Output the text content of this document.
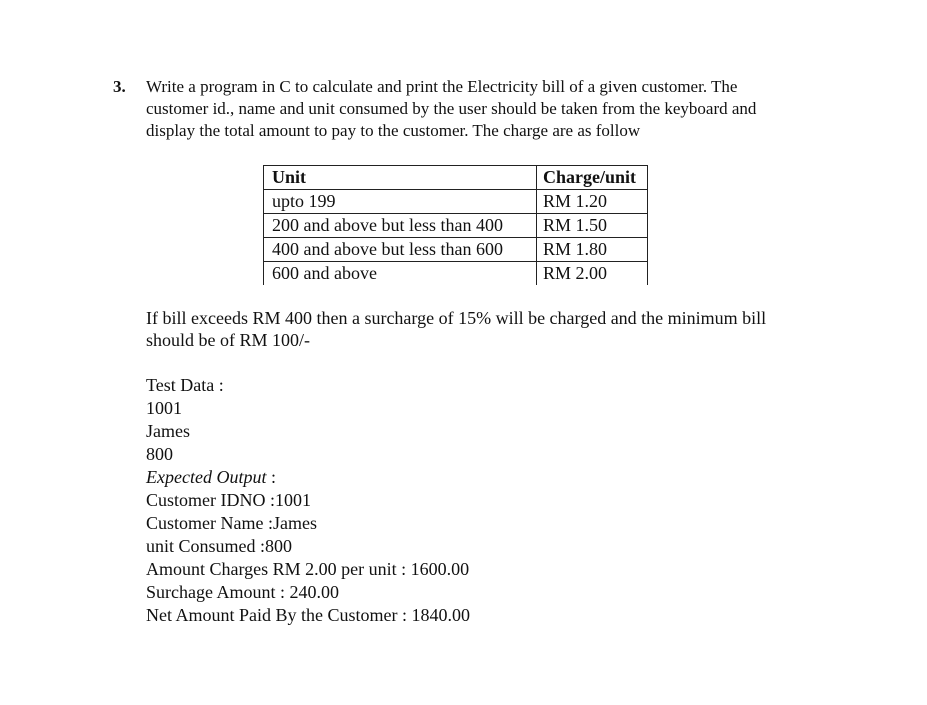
3. Write a program in C to calculate and print the Electricity bill of a given customer. The
customer id., name and unit consumed by the user should be taken from the keyboard and
display the total amount to pay to the customer. The charge are as follow
Unit	Charge/unit
upto 199	RM 1.20
200 and above but less than 400	RM 1.50
400 and above but less than 600	RM 1.80
600 and above	RM 2.00
If bill exceeds RM 400 then a surcharge of 15% will be charged and the minimum bill
should be of RM 100/-
Test Data :
1001
James
800
Expected Output :
Customer IDNO :1001
Customer Name :James
unit Consumed :800
Amount Charges RM 2.00 per unit : 1600.00
Surchage Amount : 240.00
Net Amount Paid By the Customer : 1840.00
